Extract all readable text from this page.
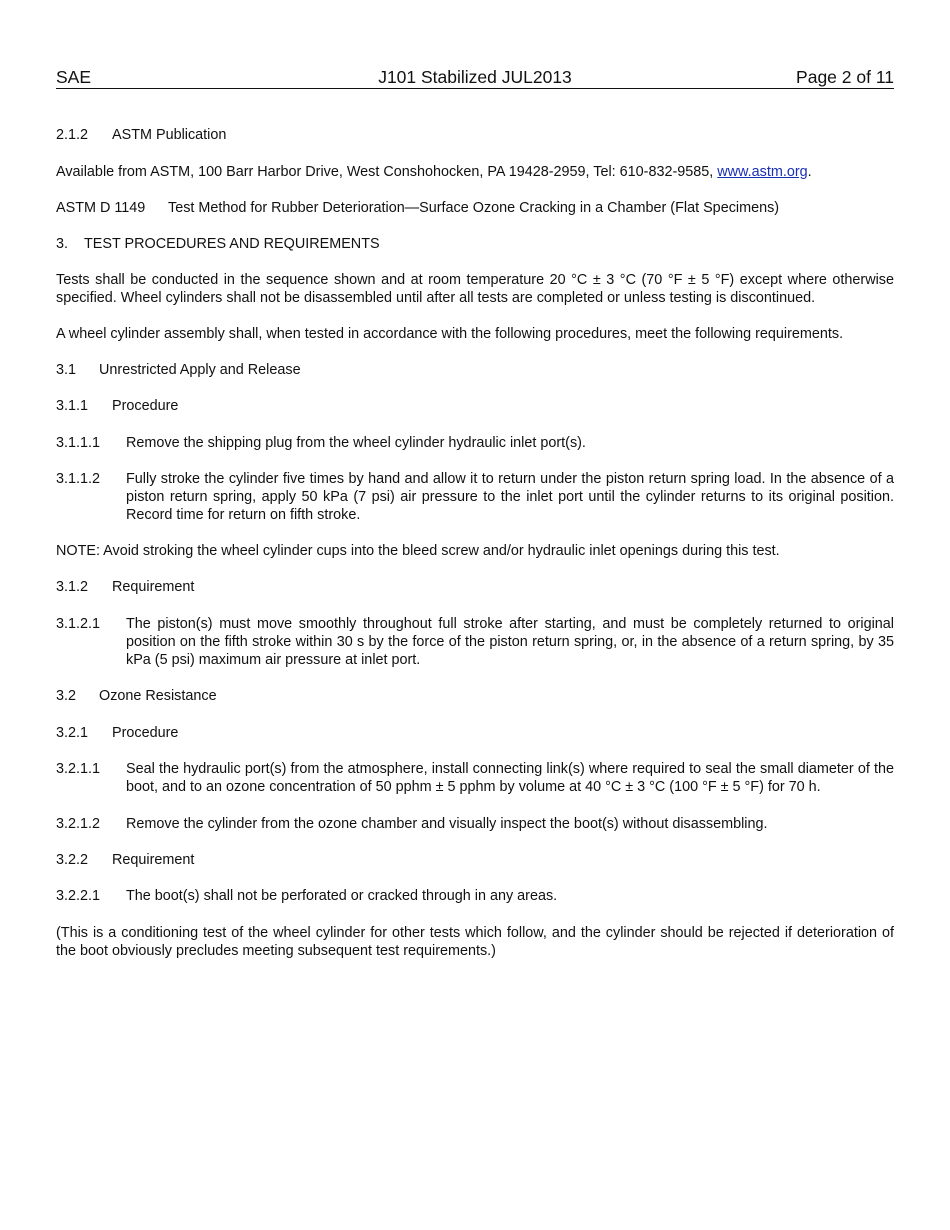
SAE	J101 Stabilized JUL2013	Page 2 of 11

2.1.2 ASTM Publication

Available from ASTM, 100 Barr Harbor Drive, West Conshohocken, PA 19428-2959, Tel: 610-832-9585, www.astm.org.

ASTM D 1149 Test Method for Rubber Deterioration—Surface Ozone Cracking in a Chamber (Flat Specimens)

3. TEST PROCEDURES AND REQUIREMENTS

Tests shall be conducted in the sequence shown and at room temperature 20 °C ± 3 °C (70 °F ± 5 °F) except where otherwise specified. Wheel cylinders shall not be disassembled until after all tests are completed or unless testing is discontinued.

A wheel cylinder assembly shall, when tested in accordance with the following procedures, meet the following requirements.

3.1 Unrestricted Apply and Release

3.1.1 Procedure

3.1.1.1	Remove the shipping plug from the wheel cylinder hydraulic inlet port(s).
3.1.1.2	Fully stroke the cylinder five times by hand and allow it to return under the piston return spring load. In the absence of a piston return spring, apply 50 kPa (7 psi) air pressure to the inlet port until the cylinder returns to its original position. Record time for return on fifth stroke.

NOTE: Avoid stroking the wheel cylinder cups into the bleed screw and/or hydraulic inlet openings during this test.

3.1.2 Requirement

3.1.2.1	The piston(s) must move smoothly throughout full stroke after starting, and must be completely returned to original position on the fifth stroke within 30 s by the force of the piston return spring, or, in the absence of a return spring, by 35 kPa (5 psi) maximum air pressure at inlet port.

3.2 Ozone Resistance

3.2.1 Procedure

3.2.1.1	Seal the hydraulic port(s) from the atmosphere, install connecting link(s) where required to seal the small diameter of the boot, and to an ozone concentration of 50 pphm ± 5 pphm by volume at 40 °C ± 3 °C (100 °F ± 5 °F) for 70 h.
3.2.1.2	Remove the cylinder from the ozone chamber and visually inspect the boot(s) without disassembling.

3.2.2 Requirement

3.2.2.1	The boot(s) shall not be perforated or cracked through in any areas.

(This is a conditioning test of the wheel cylinder for other tests which follow, and the cylinder should be rejected if deterioration of the boot obviously precludes meeting subsequent test requirements.)
